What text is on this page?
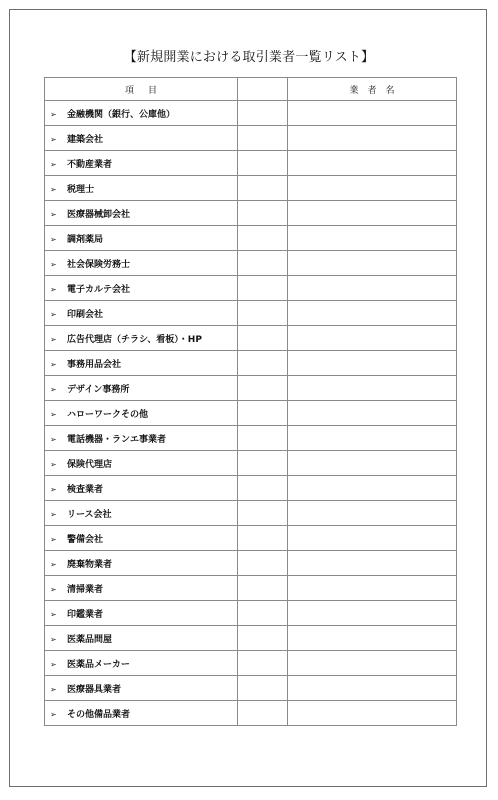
【新規開業における取引業者一覧リスト】
項目		業者名
➢ 金融機関（銀行、公庫他）		
➢ 建築会社		
➢ 不動産業者		
➢ 税理士		
➢ 医療器械卸会社		
➢ 調剤薬局		
➢ 社会保険労務士		
➢ 電子カルテ会社		
➢ 印刷会社		
➢ 広告代理店（チラシ、看板）・HP		
➢ 事務用品会社		
➢ デザイン事務所		
➢ ハローワークその他		
➢ 電話機器・ランエ事業者		
➢ 保険代理店		
➢ 検査業者		
➢ リース会社		
➢ 警備会社		
➢ 廃棄物業者		
➢ 清掃業者		
➢ 印鑑業者		
➢ 医薬品問屋		
➢ 医薬品メーカー		
➢ 医療器具業者		
➢ その他備品業者		
